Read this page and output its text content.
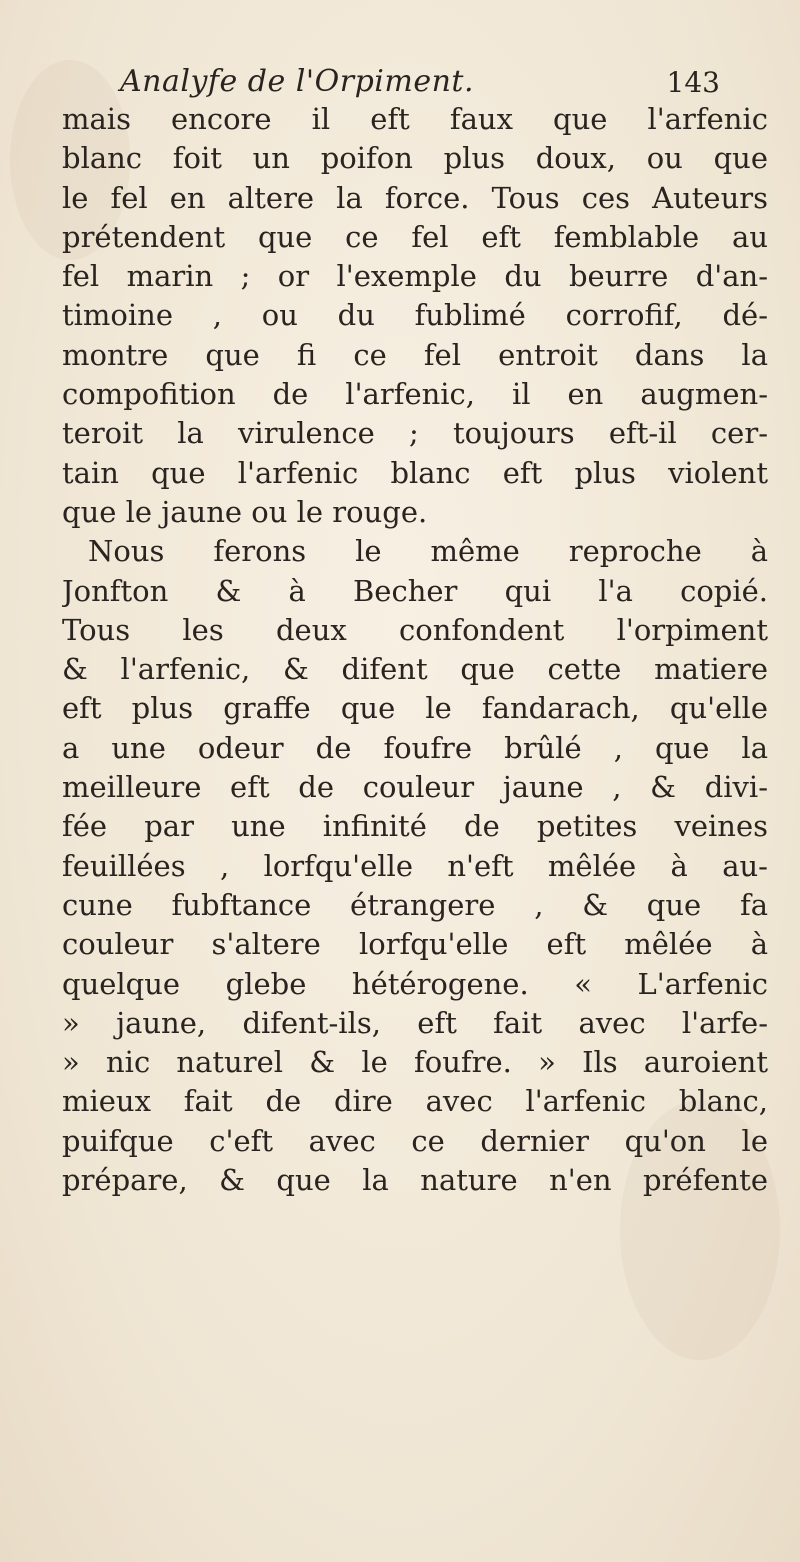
Analyfe de l'Orpiment.	143
mais encore il eft faux que l'arfenic
blanc foit un poifon plus doux, ou que
le fel en altere la force. Tous ces Auteurs
prétendent que ce fel eft femblable au
fel marin ; or l'exemple du beurre d'an-
timoine , ou du fublimé corrofif, dé-
montre que fi ce fel entroit dans la
compofition de l'arfenic, il en augmen-
teroit la virulence ; toujours eft-il cer-
tain que l'arfenic blanc eft plus violent
que le jaune ou le rouge.
Nous ferons le même reproche à
Jonfton & à Becher qui l'a copié.
Tous les deux confondent l'orpiment
& l'arfenic, & difent que cette matiere
eft plus graffe que le fandarach, qu'elle
a une odeur de foufre brûlé , que la
meilleure eft de couleur jaune , & divi-
fée par une infinité de petites veines
feuillées , lorfqu'elle n'eft mêlée à au-
cune fubftance étrangere , & que fa
couleur s'altere lorfqu'elle eft mêlée à
quelque glebe hétérogene. « L'arfenic
» jaune, difent-ils, eft fait avec l'arfe-
» nic naturel & le foufre. » Ils auroient
mieux fait de dire avec l'arfenic blanc,
puifque c'eft avec ce dernier qu'on le
prépare, & que la nature n'en préfente
